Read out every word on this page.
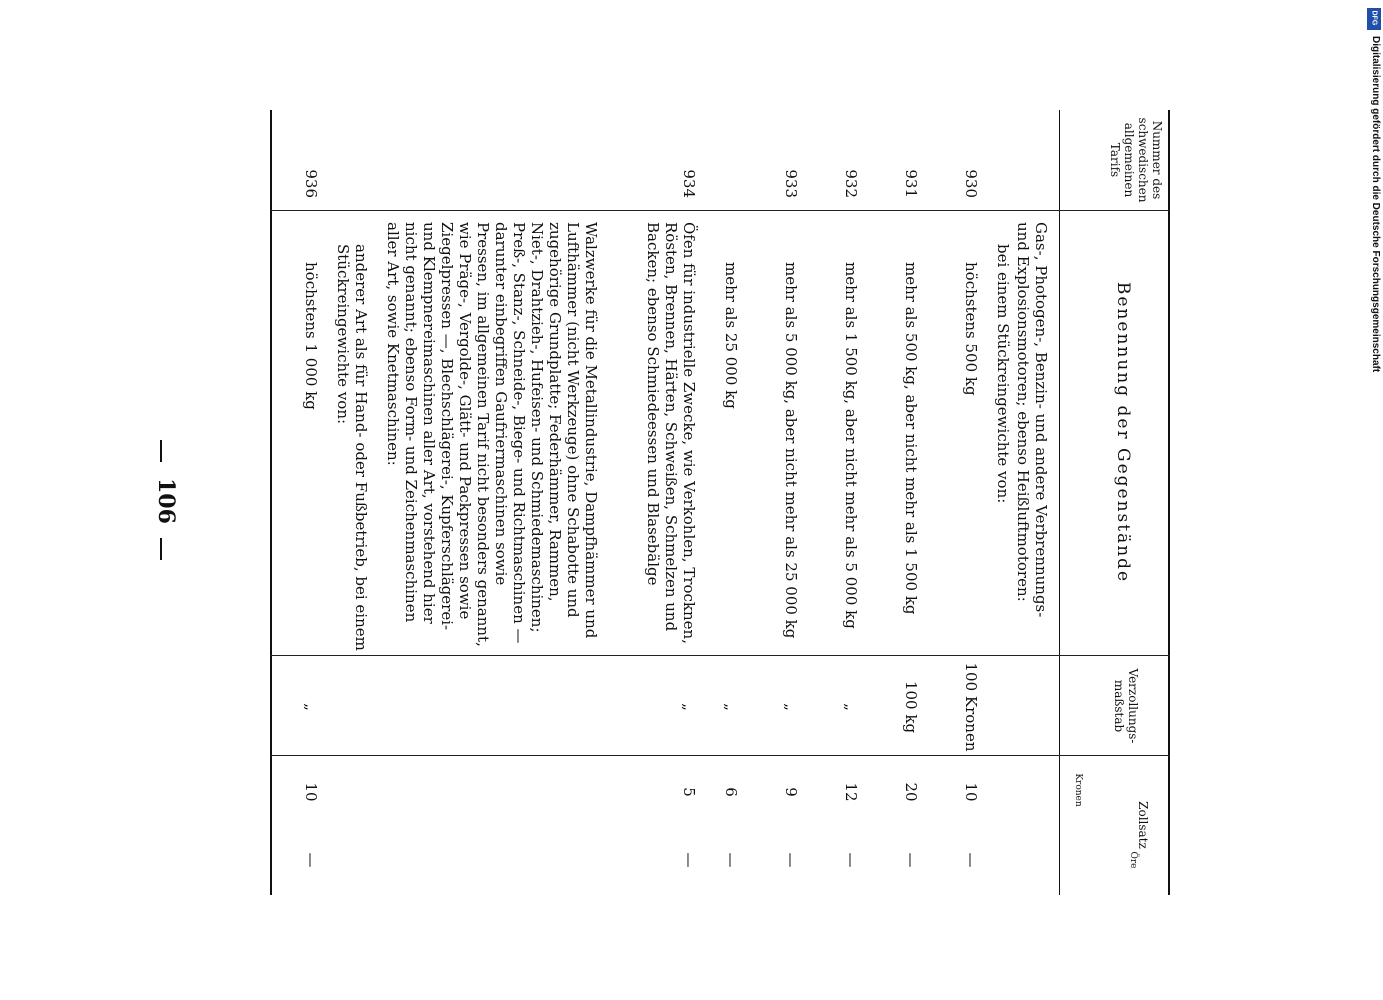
106
Nummer des schwedischen allgemeinen Tarifs
Benennung der Gegenstände
Verzollungs-maßstab
Zollsatz
Kronen
Öre
Gas-, Photogen-, Benzin- und andere Verbrennungs- und Explosionsmotoren; ebenso Heißluftmotoren:
bei einem Stückreingewichte von:
930
höchstens 500 kg
100 Kronen
10
—
931
mehr als 500 kg, aber nicht mehr als 1 500 kg
100 kg
20
—
932
mehr als 1 500 kg, aber nicht mehr als 5 000 kg
„
12
—
933
mehr als 5 000 kg, aber nicht mehr als 25 000 kg
„
9
—
mehr als 25 000 kg
„
6
—
934
Öfen für industrielle Zwecke, wie Verkohlen, Trocknen, Rösten, Brennen, Härten, Schweißen, Schmelzen und Backen; ebenso Schmiedeessen und Blasebälge
„
5
—
Walzwerke für die Metallindustrie, Dampfhämmer und Lufthämmer (nicht Werkzeuge) ohne Schabotte und zugehörige Grundplatte; Federhämmer, Rammen, Niet-, Drahtzieh-, Hufeisen- und Schmiedemaschinen; Preß-, Stanz-, Schneide-, Biege- und Richtmaschinen — darunter einbegriffen Gaufriermaschinen sowie Pressen, im allgemeinen Tarif nicht besonders genannt, wie Präge-, Vergolde-, Glätt- und Packpressen sowie Ziegelpressen —, Blechschlägerei-, Kupferschlägerei- und Klempnereimaschinen aller Art, vorstehend hier nicht genannt; ebenso Form- und Zeichenmaschinen aller Art, sowie Knetmaschinen:
anderer Art als für Hand- oder Fußbetrieb, bei einem Stückreingewichte von:
936
höchstens 1 000 kg
„
10
—
DFG
Digitalisierung gefördert durch die Deutsche Forschungsgemeinschaft
